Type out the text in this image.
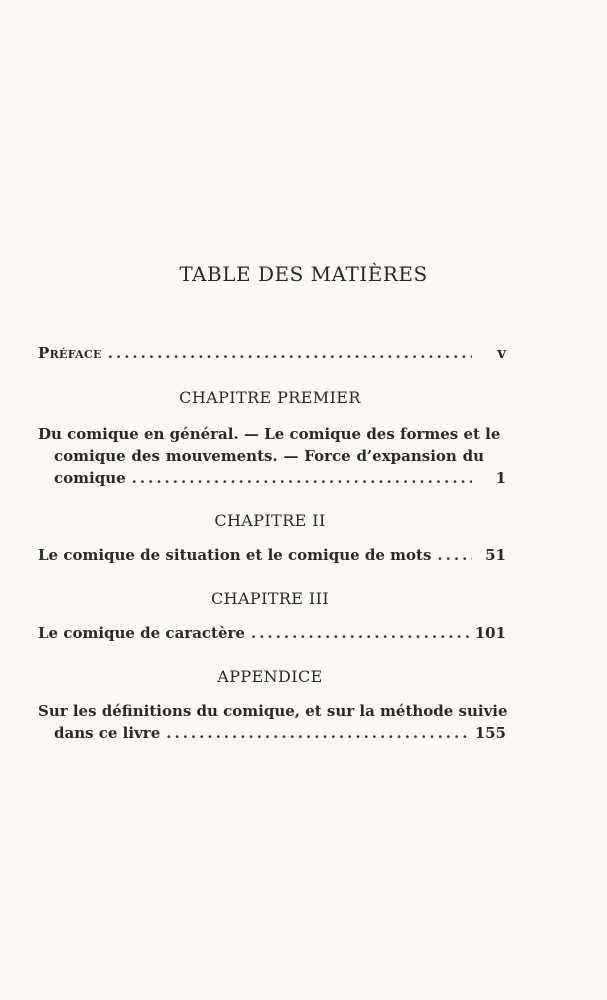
TABLE DES MATIÈRES
Préface .....	v
CHAPITRE PREMIER
Du comique en général. — Le comique des formes et le
comique des mouvements. — Force d’expansion du
comique .....	1
CHAPITRE II
Le comique de situation et le comique de mots .....	51
CHAPITRE III
Le comique de caractère .....	101
APPENDICE
Sur les définitions du comique, et sur la méthode suivie
dans ce livre .....	155
